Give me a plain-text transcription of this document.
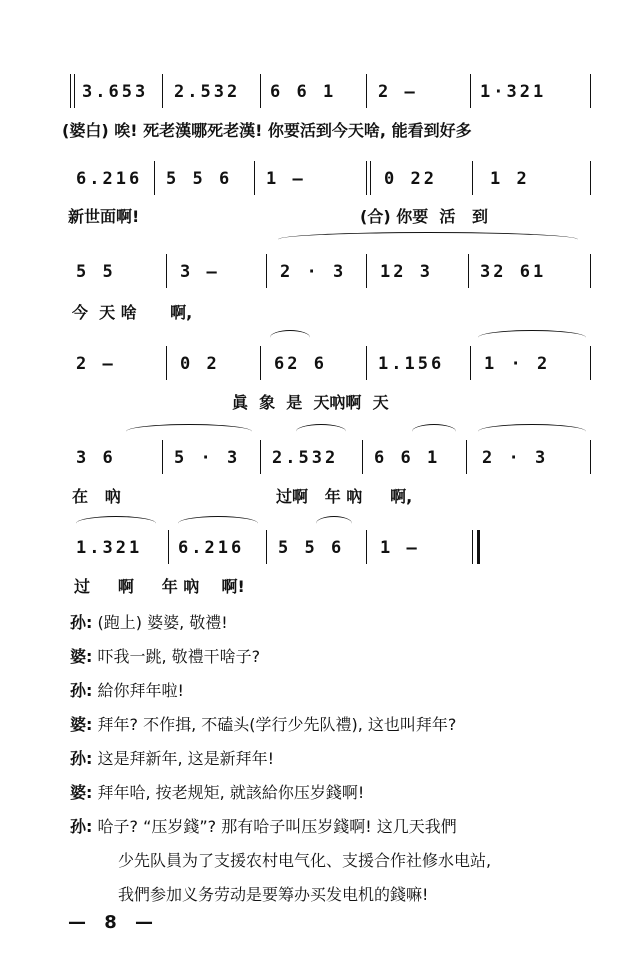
3.653 2.532 6 6 1 2 —	1·321
(婆白) 唉! 死老漢哪死老漢! 你要活到今天啥, 能看到好多
6.216 5 5 6 1 —	0 22	1 2
新世面啊!	(合) 你要  活   到
5 5	3 —	2 · 3 12 3	32 61
今  天 啥      啊,
2 —	0 2	62 6	1.156 1 · 2
眞  象  是  天吶啊  天
3 6	5 · 3 2.532 6 6 1 2 · 3
在   吶	过啊   年 吶     啊,
1.321 6.216 5 5 6 1 —
过     啊     年 吶    啊!
孙: (跑上) 婆婆, 敬禮!
婆: 吓我一跳, 敬禮干啥子?
孙: 給你拜年啦!
婆: 拜年? 不作揖, 不磕头(学行少先队禮), 这也叫拜年?
孙: 这是拜新年, 这是新拜年!
婆: 拜年哈, 按老规矩, 就該給你压岁錢啊!
孙: 哈子? “压岁錢”? 那有哈子叫压岁錢啊! 这几天我們
少先队員为了支援农村电气化、支援合作社修水电站,
我們参加义务劳动是要筹办买发电机的錢嘛!
— 8 —
